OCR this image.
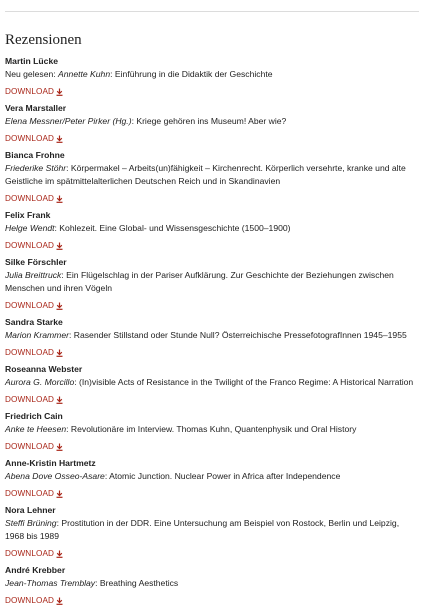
Rezensionen
Martin Lücke
Neu gelesen: Annette Kuhn: Einführung in die Didaktik der Geschichte
DOWNLOAD
Vera Marstaller
Elena Messner/Peter Pirker (Hg.): Kriege gehören ins Museum! Aber wie?
DOWNLOAD
Bianca Frohne
Friederike Stöhr: Körpermakel – Arbeits(un)fähigkeit – Kirchenrecht. Körperlich versehrte, kranke und alte Geistliche im spätmittelalterlichen Deutschen Reich und in Skandinavien
DOWNLOAD
Felix Frank
Helge Wendt: Kohlezeit. Eine Global- und Wissensgeschichte (1500–1900)
DOWNLOAD
Silke Förschler
Julia Breittruck: Ein Flügelschlag in der Pariser Aufklärung. Zur Geschichte der Beziehungen zwischen Menschen und ihren Vögeln
DOWNLOAD
Sandra Starke
Marion Krammer: Rasender Stillstand oder Stunde Null? Österreichische PressefotografInnen 1945–1955
DOWNLOAD
Roseanna Webster
Aurora G. Morcillo: (In)visible Acts of Resistance in the Twilight of the Franco Regime: A Historical Narration
DOWNLOAD
Friedrich Cain
Anke te Heesen: Revolutionäre im Interview. Thomas Kuhn, Quantenphysik und Oral History
DOWNLOAD
Anne-Kristin Hartmetz
Abena Dove Osseo-Asare: Atomic Junction. Nuclear Power in Africa after Independence
DOWNLOAD
Nora Lehner
Steffi Brüning: Prostitution in der DDR. Eine Untersuchung am Beispiel von Rostock, Berlin und Leipzig, 1968 bis 1989
DOWNLOAD
André Krebber
Jean-Thomas Tremblay: Breathing Aesthetics
DOWNLOAD
